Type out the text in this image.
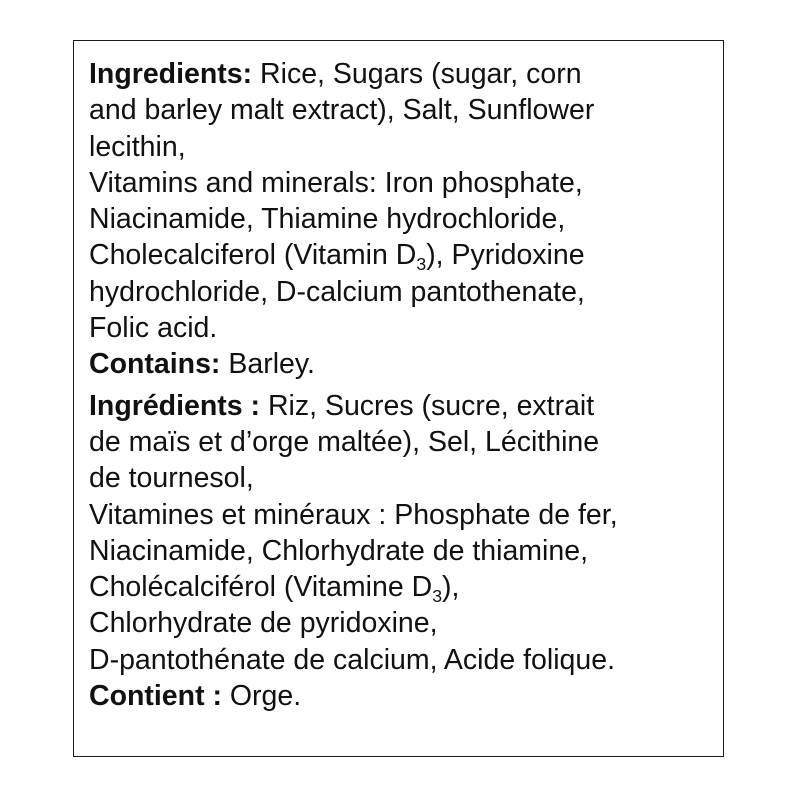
Ingredients: Rice, Sugars (sugar, corn
and barley malt extract), Salt, Sunflower
lecithin,
Vitamins and minerals: Iron phosphate,
Niacinamide, Thiamine hydrochloride,
Cholecalciferol (Vitamin $D_3$), Pyridoxine
hydrochloride, D-calcium pantothenate,
Folic acid.
Contains: Barley.
Ingrédients : Riz, Sucres (sucre, extrait
de maïs et d’orge maltée), Sel, Lécithine
de tournesol,
Vitamines et minéraux : Phosphate de fer,
Niacinamide, Chlorhydrate de thiamine,
Cholécalciférol (Vitamine $D_3$),
Chlorhydrate de pyridoxine,
D-pantothénate de calcium, Acide folique.
Contient : Orge.
